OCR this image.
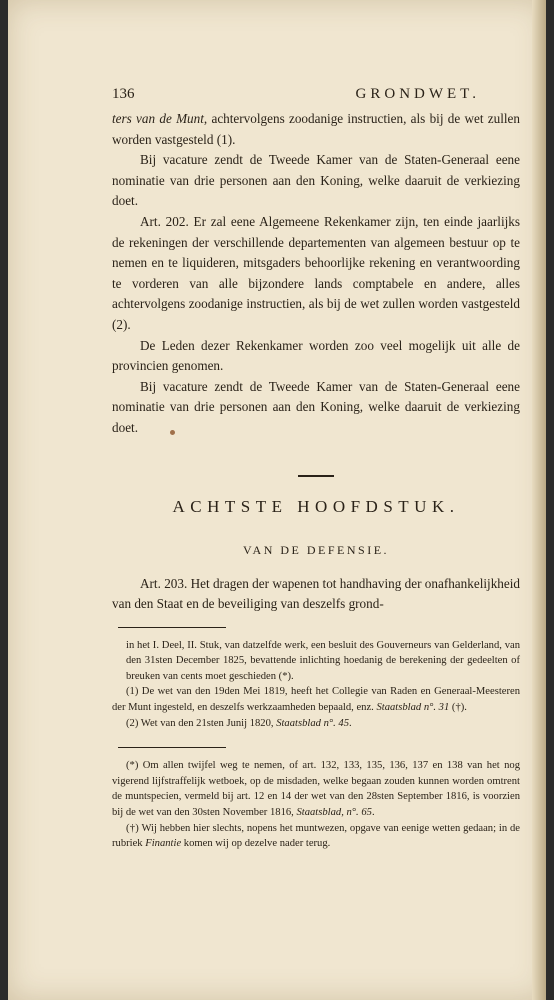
136	GRONDWET.

ters van de Munt, achtervolgens zoodanige instructien, als bij de wet zullen worden vastgesteld (1).

Bij vacature zendt de Tweede Kamer van de Staten-Generaal eene nominatie van drie personen aan den Koning, welke daaruit de verkiezing doet.

Art. 202. Er zal eene Algemeene Rekenkamer zijn, ten einde jaarlijks de rekeningen der verschillende departementen van algemeen bestuur op te nemen en te liquideren, mitsgaders behoorlijke rekening en verantwoording te vorderen van alle bijzondere lands comptabele en andere, alles achtervolgens zoodanige instructien, als bij de wet zullen worden vastgesteld (2).

De Leden dezer Rekenkamer worden zoo veel mogelijk uit alle de provincien genomen.

Bij vacature zendt de Tweede Kamer van de Staten-Generaal eene nominatie van drie personen aan den Koning, welke daaruit de verkiezing doet.

ACHTSTE HOOFDSTUK.
VAN DE DEFENSIE.

Art. 203. Het dragen der wapenen tot handhaving der onafhankelijkheid van den Staat en de beveiliging van deszelfs grond-

in het I. Deel, II. Stuk, van datzelfde werk, een besluit des Gouverneurs van Gelderland, van den 31sten December 1825, bevattende inlichting hoedanig de berekening der gedeelten of breuken van cents moet geschieden (*).

(1) De wet van den 19den Mei 1819, heeft het Collegie van Raden en Generaal-Meesteren der Munt ingesteld, en deszelfs werkzaamheden bepaald, enz. Staatsblad n°. 31 (†).

(2) Wet van den 21sten Junij 1820, Staatsblad n°. 45.

(*) Om allen twijfel weg te nemen, of art. 132, 133, 135, 136, 137 en 138 van het nog vigerend lijfstraffelijk wetboek, op de misdaden, welke begaan zouden kunnen worden omtrent de muntspecien, vermeld bij art. 12 en 14 der wet van den 28sten September 1816, is voorzien bij de wet van den 30sten November 1816, Staatsblad, n°. 65.

(†) Wij hebben hier slechts, nopens het muntwezen, opgave van eenige wetten gedaan; in de rubriek Finantie komen wij op dezelve nader terug.
